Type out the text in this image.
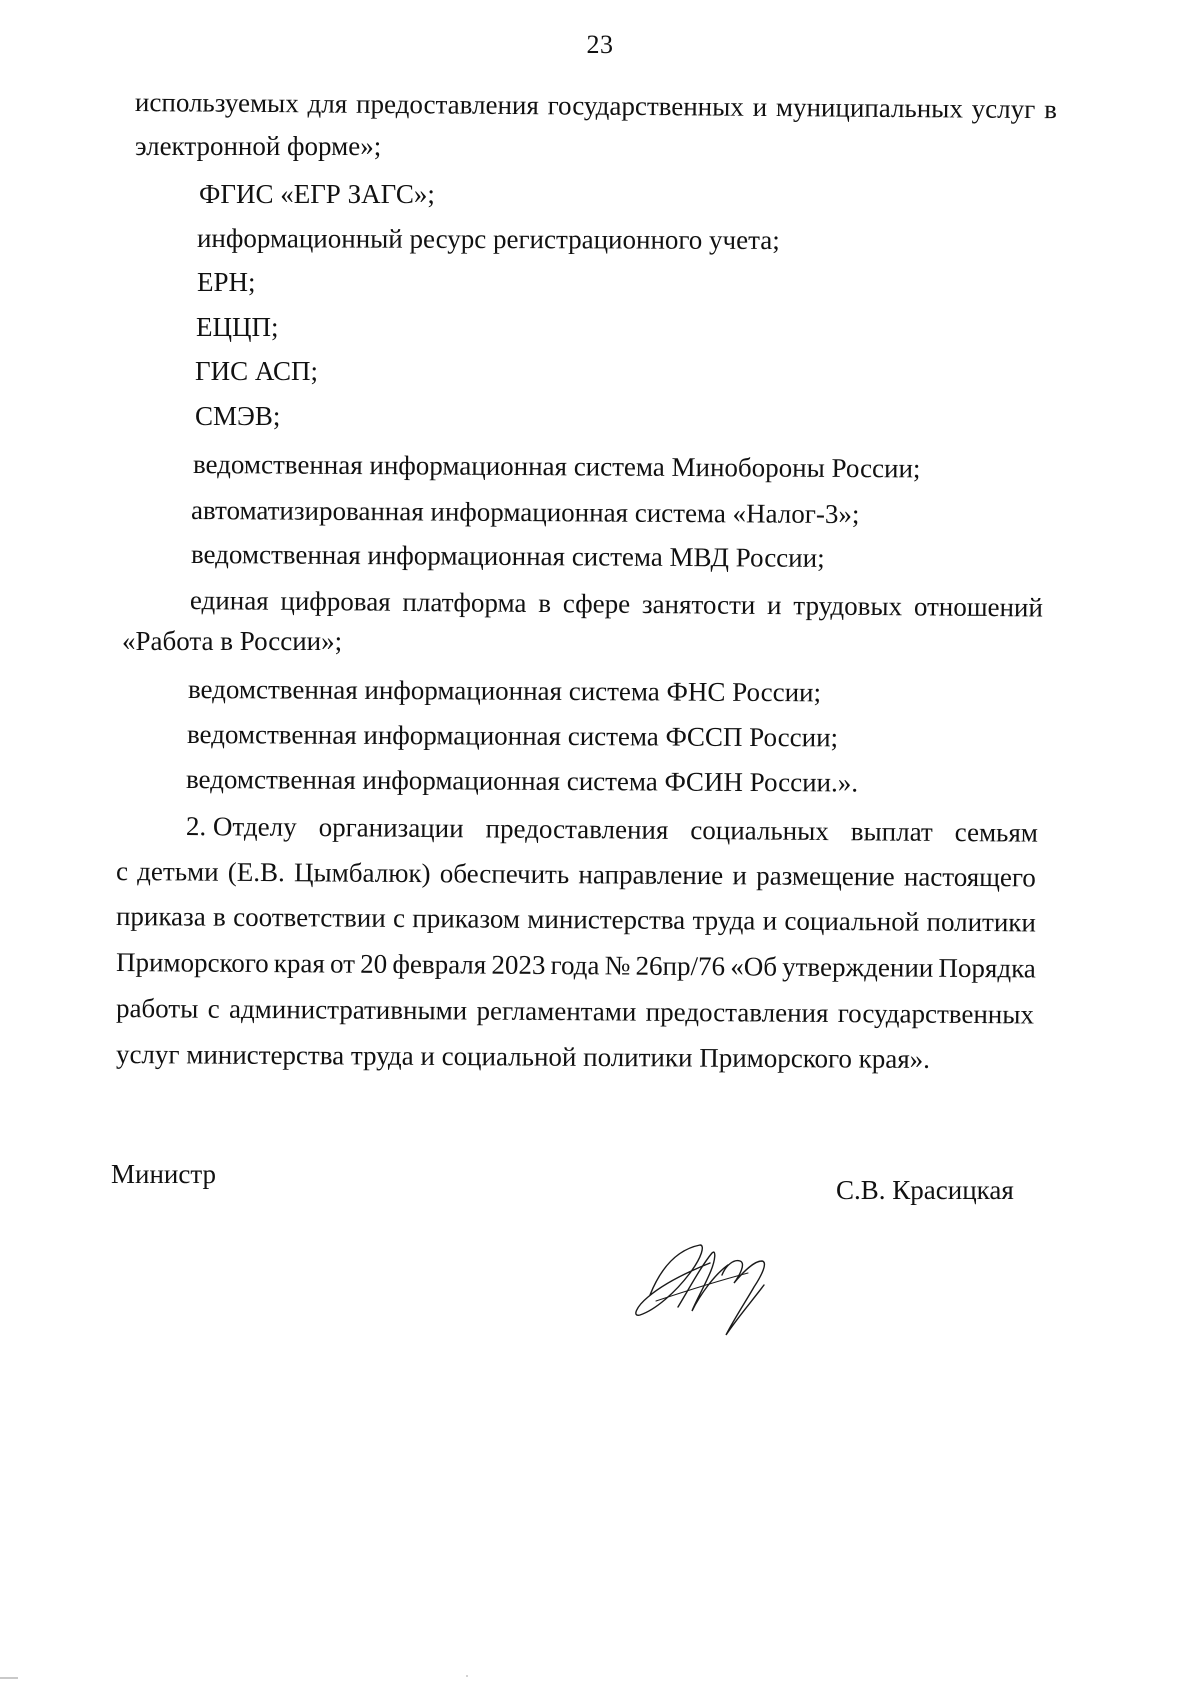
23
используемых для предоставления государственных и муниципальных услуг в
электронной форме»;
ФГИС «ЕГР ЗАГС»;
информационный ресурс регистрационного учета;
ЕРН;
ЕЦЦП;
ГИС АСП;
СМЭВ;
ведомственная информационная система Минобороны России;
автоматизированная информационная система «Налог-3»;
ведомственная информационная система МВД России;
единая цифровая платформа в сфере занятости и трудовых отношений
«Работа в России»;
ведомственная информационная система ФНС России;
ведомственная информационная система ФССП России;
ведомственная информационная система ФСИН России.».
2. Отделу организации предоставления социальных выплат семьям
с детьми (Е.В. Цымбалюк) обеспечить направление и размещение настоящего
приказа в соответствии с приказом министерства труда и социальной политики
Приморского края от 20 февраля 2023 года № 26пр/76 «Об утверждении Порядка
работы с административными регламентами предоставления государственных
услуг министерства труда и социальной политики Приморского края».
Министр
С.В. Красицкая
